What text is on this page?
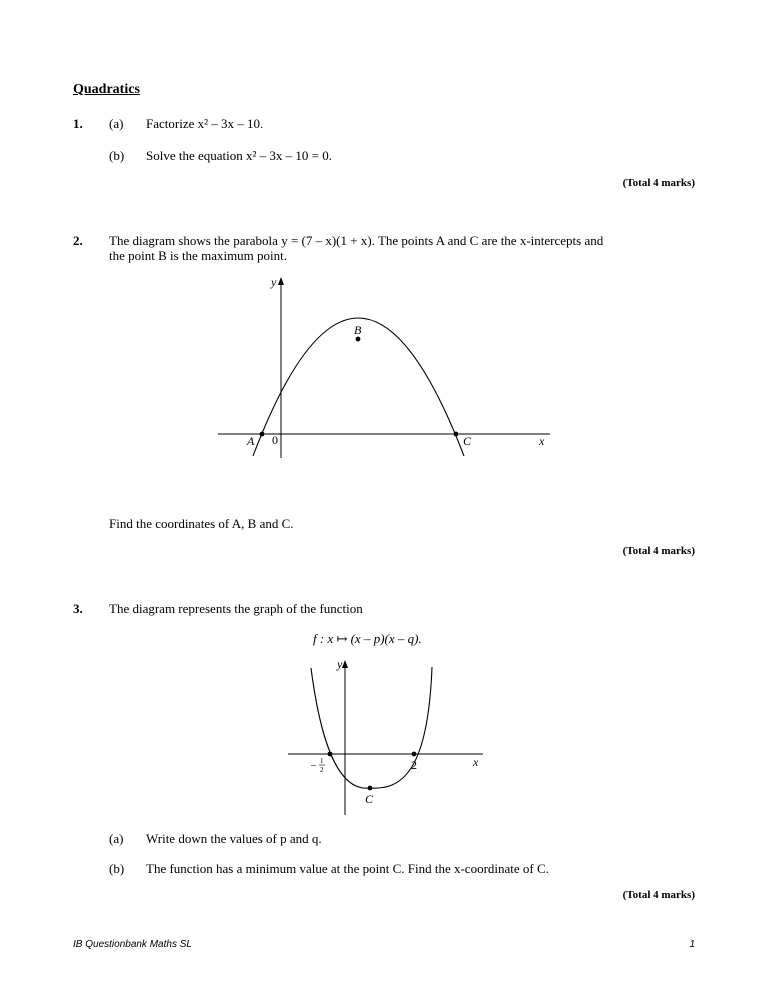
Quadratics
1. (a) Factorize x² – 3x – 10.
(b) Solve the equation x² – 3x – 10 = 0.
(Total 4 marks)
2. The diagram shows the parabola y = (7 – x)(1 + x). The points A and C are the x-intercepts and
the point B is the maximum point.
y
x
0
A
B
C
Find the coordinates of A, B and C.
(Total 4 marks)
3. The diagram represents the graph of the function
f : x ↦ (x – p)(x – q).
y
x
– 1
2	2
C
(a) Write down the values of p and q.
(b) The function has a minimum value at the point C. Find the x-coordinate of C.
(Total 4 marks)
IB Questionbank Maths SL	1
